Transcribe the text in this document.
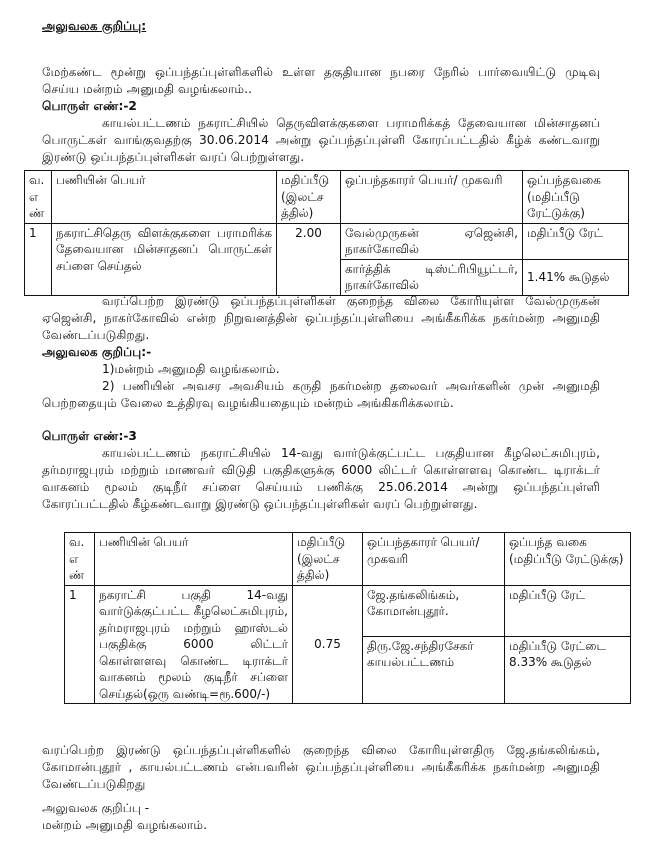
அலுவலக குறிப்பு:
மேற்கண்ட மூன்று ஒப்பந்தப்புள்ளிகளில் உள்ள தகுதியான நபரை நேரில் பார்வையிட்டு முடிவு செய்ய மன்றம் அனுமதி வழங்கலாம்..
பொருள் எண்:-2
காயல்பட்டணம் நகராட்சியில் தெருவிளக்குகளை பராமரிக்கத் தேவையான மின்சாதனப் பொருட்கள் வாங்குவதற்கு 30.06.2014 அன்று ஒப்பந்தப்புள்ளி கோரப்பட்டதில் கீழ்க் கண்டவாறு இரண்டு ஒப்பந்தப்புள்ளிகள் வரப் பெற்றுள்ளது.
வ. எ ண்	பணியின் பெயர்	மதிப்பீடு (இலட்ச த்தில்)	ஒப்பந்தகாரர் பெயர்/ முகவரி	ஒப்பந்தவகை (மதிப்பீடு ரேட்டுக்கு)
1	நகராட்சிதெரு விளக்குகளை பராமரிக்க தேவையான மின்சாதனப் பொருட்கள் சப்ளை செய்தல்	2.00	வேல்முருகன் ஏஜென்சி, நாகர்கோவில்	மதிப்பீடு ரேட்
			கார்த்திக் டிஸ்ட்ரிபியூட்டர், நாகர்கோவில்	1.41% கூடுதல்
வரப்பெற்ற இரண்டு ஒப்பந்தப்புள்ளிகள் குறைந்த விலை கோரியுள்ள வேல்முருகன் ஏஜென்சி, நாகர்கோவில் என்ற நிறுவனத்தின் ஒப்பந்தப்புள்ளியை அங்கீகரிக்க நகர்மன்ற அனுமதி வேண்டப்படுகிறது.
அலுவலக குறிப்பு:-
1)மன்றம் அனுமதி வழங்கலாம்.
2) பணியின் அவசர அவசியம் கருதி நகர்மன்ற தலைவர் அவர்களின் முன் அனுமதி பெற்றதையும் வேலை உத்திரவு வழங்கியதையும் மன்றம் அங்கிகரிக்கலாம்.
பொருள் எண்:-3
காயல்பட்டணம் நகராட்சியில் 14-வது வார்டுக்குட்பட்ட பகுதியான கீழலெட்சுமிபுரம், தர்மராஜபுரம் மற்றும் மாணவர் விடுதி பகுதிகளுக்கு 6000 லிட்டர் கொள்ளளவு கொண்ட டிராக்டர் வாகனம் மூலம் குடிநீர் சப்ளை செய்யம் பணிக்கு 25.06.2014 அன்று ஒப்பந்தப்புள்ளி கோரப்பட்டதில் கீழ்கண்டவாறு இரண்டு ஒப்பந்தப்புள்ளிகள் வரப் பெற்றுள்ளது.
வ. எ ண்	பணியின் பெயர்	மதிப்பீடு (இலட்ச த்தில்)	ஒப்பந்தகாரர் பெயர்/முகவரி	ஒப்பந்த வகை (மதிப்பீடு ரேட்டுக்கு)
1	நகராட்சி பகுதி 14-வது வார்டுக்குட்பட்ட கீழலெட்சுமிபுரம், தர்மராஜபுரம் மற்றும் ஹாஸ்டல் பகுதிக்கு 6000 லிட்டர் கொள்ளளவு கொண்ட டிராக்டர் வாகனம் மூலம் குடிநீர் சப்ளை செய்தல்(ஒரு வண்டி=ரூ.600/-)	0.75	ஜே.தங்கலிங்கம், கோமான்புதூர்.	மதிப்பீடு ரேட்
			திரு.ஜே.சந்திரசேகர் காயல்பட்டணம்	மதிப்பீடு ரேட்டை 8.33% கூடுதல்
வரப்பெற்ற இரண்டு ஒப்பந்தப்புள்ளிகளில் குறைந்த விலை கோரியுள்ளதிரு ஜே.தங்கலிங்கம், கோமான்புதூர் , காயல்பட்டணம் என்பவரின் ஒப்பந்தப்புள்ளியை அங்கீகரிக்க நகர்மன்ற அனுமதி வேண்டப்படுகிறது
அலுவலக குறிப்பு -
மன்றம் அனுமதி வழங்கலாம்.
